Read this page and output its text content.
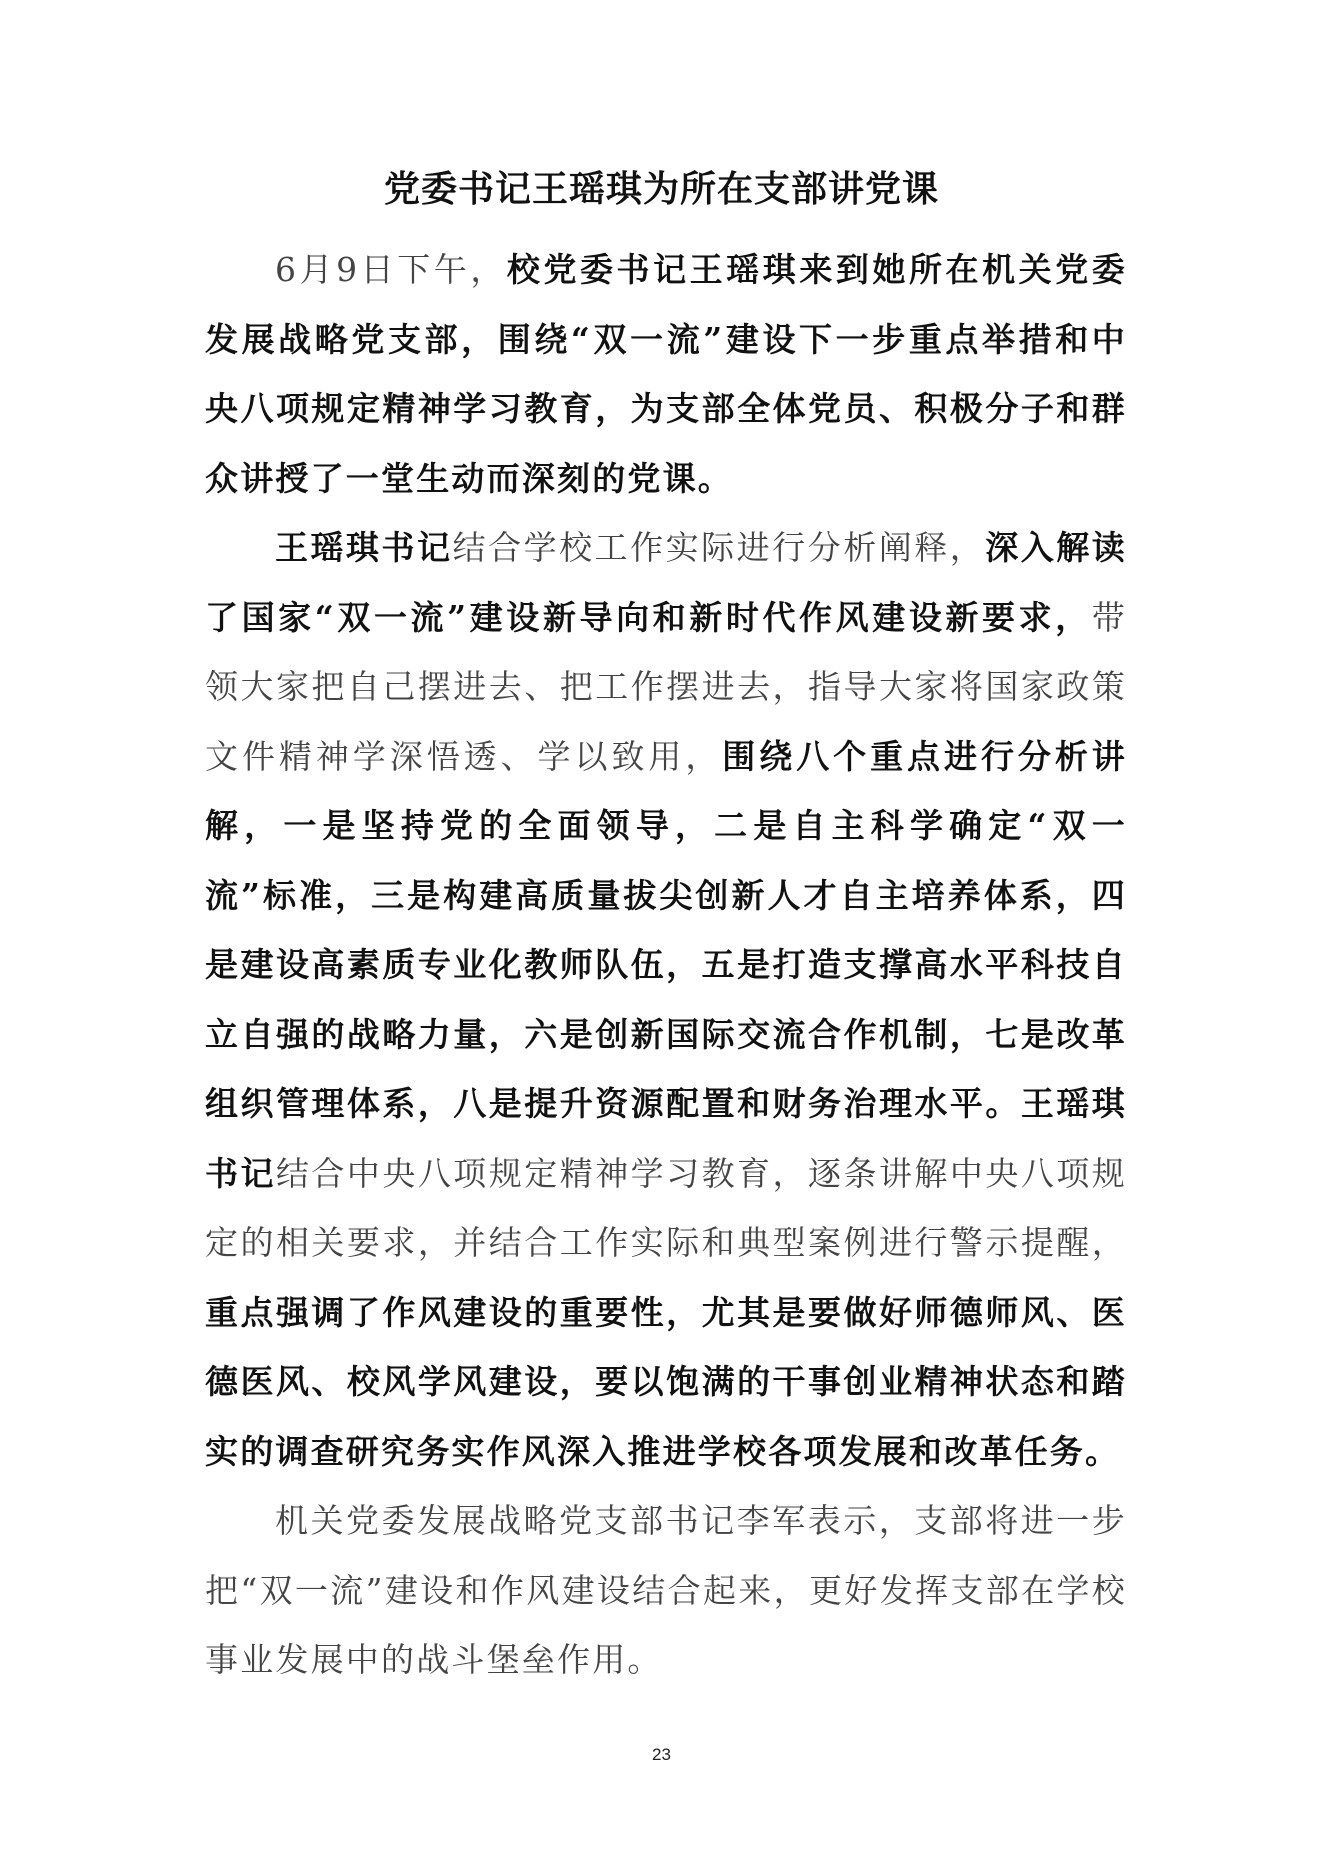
党委书记王瑶琪为所在支部讲党课

6月9日下午，校党委书记王瑶琪来到她所在机关党委发展战略党支部，围绕“双一流”建设下一步重点举措和中央八项规定精神学习教育，为支部全体党员、积极分子和群众讲授了一堂生动而深刻的党课。

王瑶琪书记结合学校工作实际进行分析阐释，深入解读了国家“双一流”建设新导向和新时代作风建设新要求，带领大家把自己摆进去、把工作摆进去，指导大家将国家政策文件精神学深悟透、学以致用，围绕八个重点进行分析讲解，一是坚持党的全面领导，二是自主科学确定“双一流”标准，三是构建高质量拔尖创新人才自主培养体系，四是建设高素质专业化教师队伍，五是打造支撑高水平科技自立自强的战略力量，六是创新国际交流合作机制，七是改革组织管理体系，八是提升资源配置和财务治理水平。王瑶琪书记结合中央八项规定精神学习教育，逐条讲解中央八项规定的相关要求，并结合工作实际和典型案例进行警示提醒，重点强调了作风建设的重要性，尤其是要做好师德师风、医德医风、校风学风建设，要以饱满的干事创业精神状态和踏实的调查研究务实作风深入推进学校各项发展和改革任务。

机关党委发展战略党支部书记李军表示，支部将进一步把“双一流”建设和作风建设结合起来，更好发挥支部在学校事业发展中的战斗堡垒作用。

23
